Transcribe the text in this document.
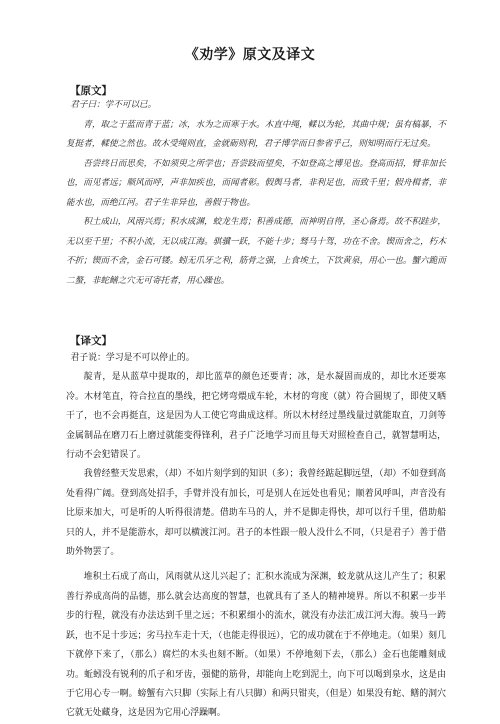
《劝学》原文及译文
【原文】

君子曰：学不可以已。

青，取之于蓝而青于蓝；冰，水为之而寒于水。木直中绳，輮以为轮，其曲中规；虽有槁暴，不复挺者，輮使之然也。故木受绳则直，金就砺则利，君子博学而日参省乎己，则知明而行无过矣。

吾尝终日而思矣，不如须臾之所学也；吾尝跂而望矣，不如登高之博见也。登高而招，臂非加长也，而见者远；顺风而呼，声非加疾也，而闻者彰。假舆马者，非利足也，而致千里；假舟楫者，非能水也，而绝江河。君子生非异也，善假于物也。

积土成山，风雨兴焉；积水成渊，蛟龙生焉；积善成德，而神明自得，圣心备焉。故不积跬步，无以至千里；不积小流，无以成江海。骐骥一跃，不能十步；驽马十驾，功在不舍。锲而舍之，朽木不折；锲而不舍，金石可镂。蚓无爪牙之利，筋骨之强，上食埃土，下饮黄泉，用心一也。蟹六跪而二螯，非蛇鳝之穴无可寄托者，用心躁也。

【译文】

君子说：学习是不可以停止的。

靛青，是从蓝草中提取的，却比蓝草的颜色还要青；冰，是水凝固而成的，却比水还要寒冷。木材笔直，符合拉直的墨线，把它烤弯煨成车轮，木材的弯度（就）符合圆规了，即使又晒干了，也不会再挺直，这是因为人工使它弯曲成这样。所以木材经过墨线量过就能取直，刀剑等金属制品在磨刀石上磨过就能变得锋利，君子广泛地学习而且每天对照检查自己，就智慧明达，行动不会犯错误了。

我曾经整天发思索，（却）不如片刻学到的知识（多）；我曾经踮起脚远望，（却）不如登到高处看得广阔。登到高处招手，手臂并没有加长，可是别人在远处也看见；顺着风呼叫，声音没有比原来加大，可是听的人听得很清楚。借助车马的人，并不是脚走得快，却可以行千里，借助船只的人，并不是能游水，却可以横渡江河。君子的本性跟一般人没什么不同，（只是君子）善于借助外物罢了。

堆积土石成了高山，风雨就从这儿兴起了；汇积水流成为深渊，蛟龙就从这儿产生了；积累善行养成高尚的品德，那么就会达高度的智慧，也就具有了圣人的精神境界。所以不积累一步半步的行程，就没有办法达到千里之远；不积累细小的流水，就没有办法汇成江河大海。骏马一跨跃，也不足十步远；劣马拉车走十天，（也能走得很远），它的成功就在于不停地走。（如果）刻几下就停下来了，（那么）腐烂的木头也刻不断。（如果）不停地刻下去，（那么）金石也能雕刻成功。蚯蚓没有锐利的爪子和牙齿，强健的筋骨，却能向上吃到泥土，向下可以喝到泉水，这是由于它用心专一啊。螃蟹有六只脚（实际上有八只脚）和两只钳夹，（但是）如果没有蛇、鳝的洞穴它就无处藏身，这是因为它用心浮躁啊。
